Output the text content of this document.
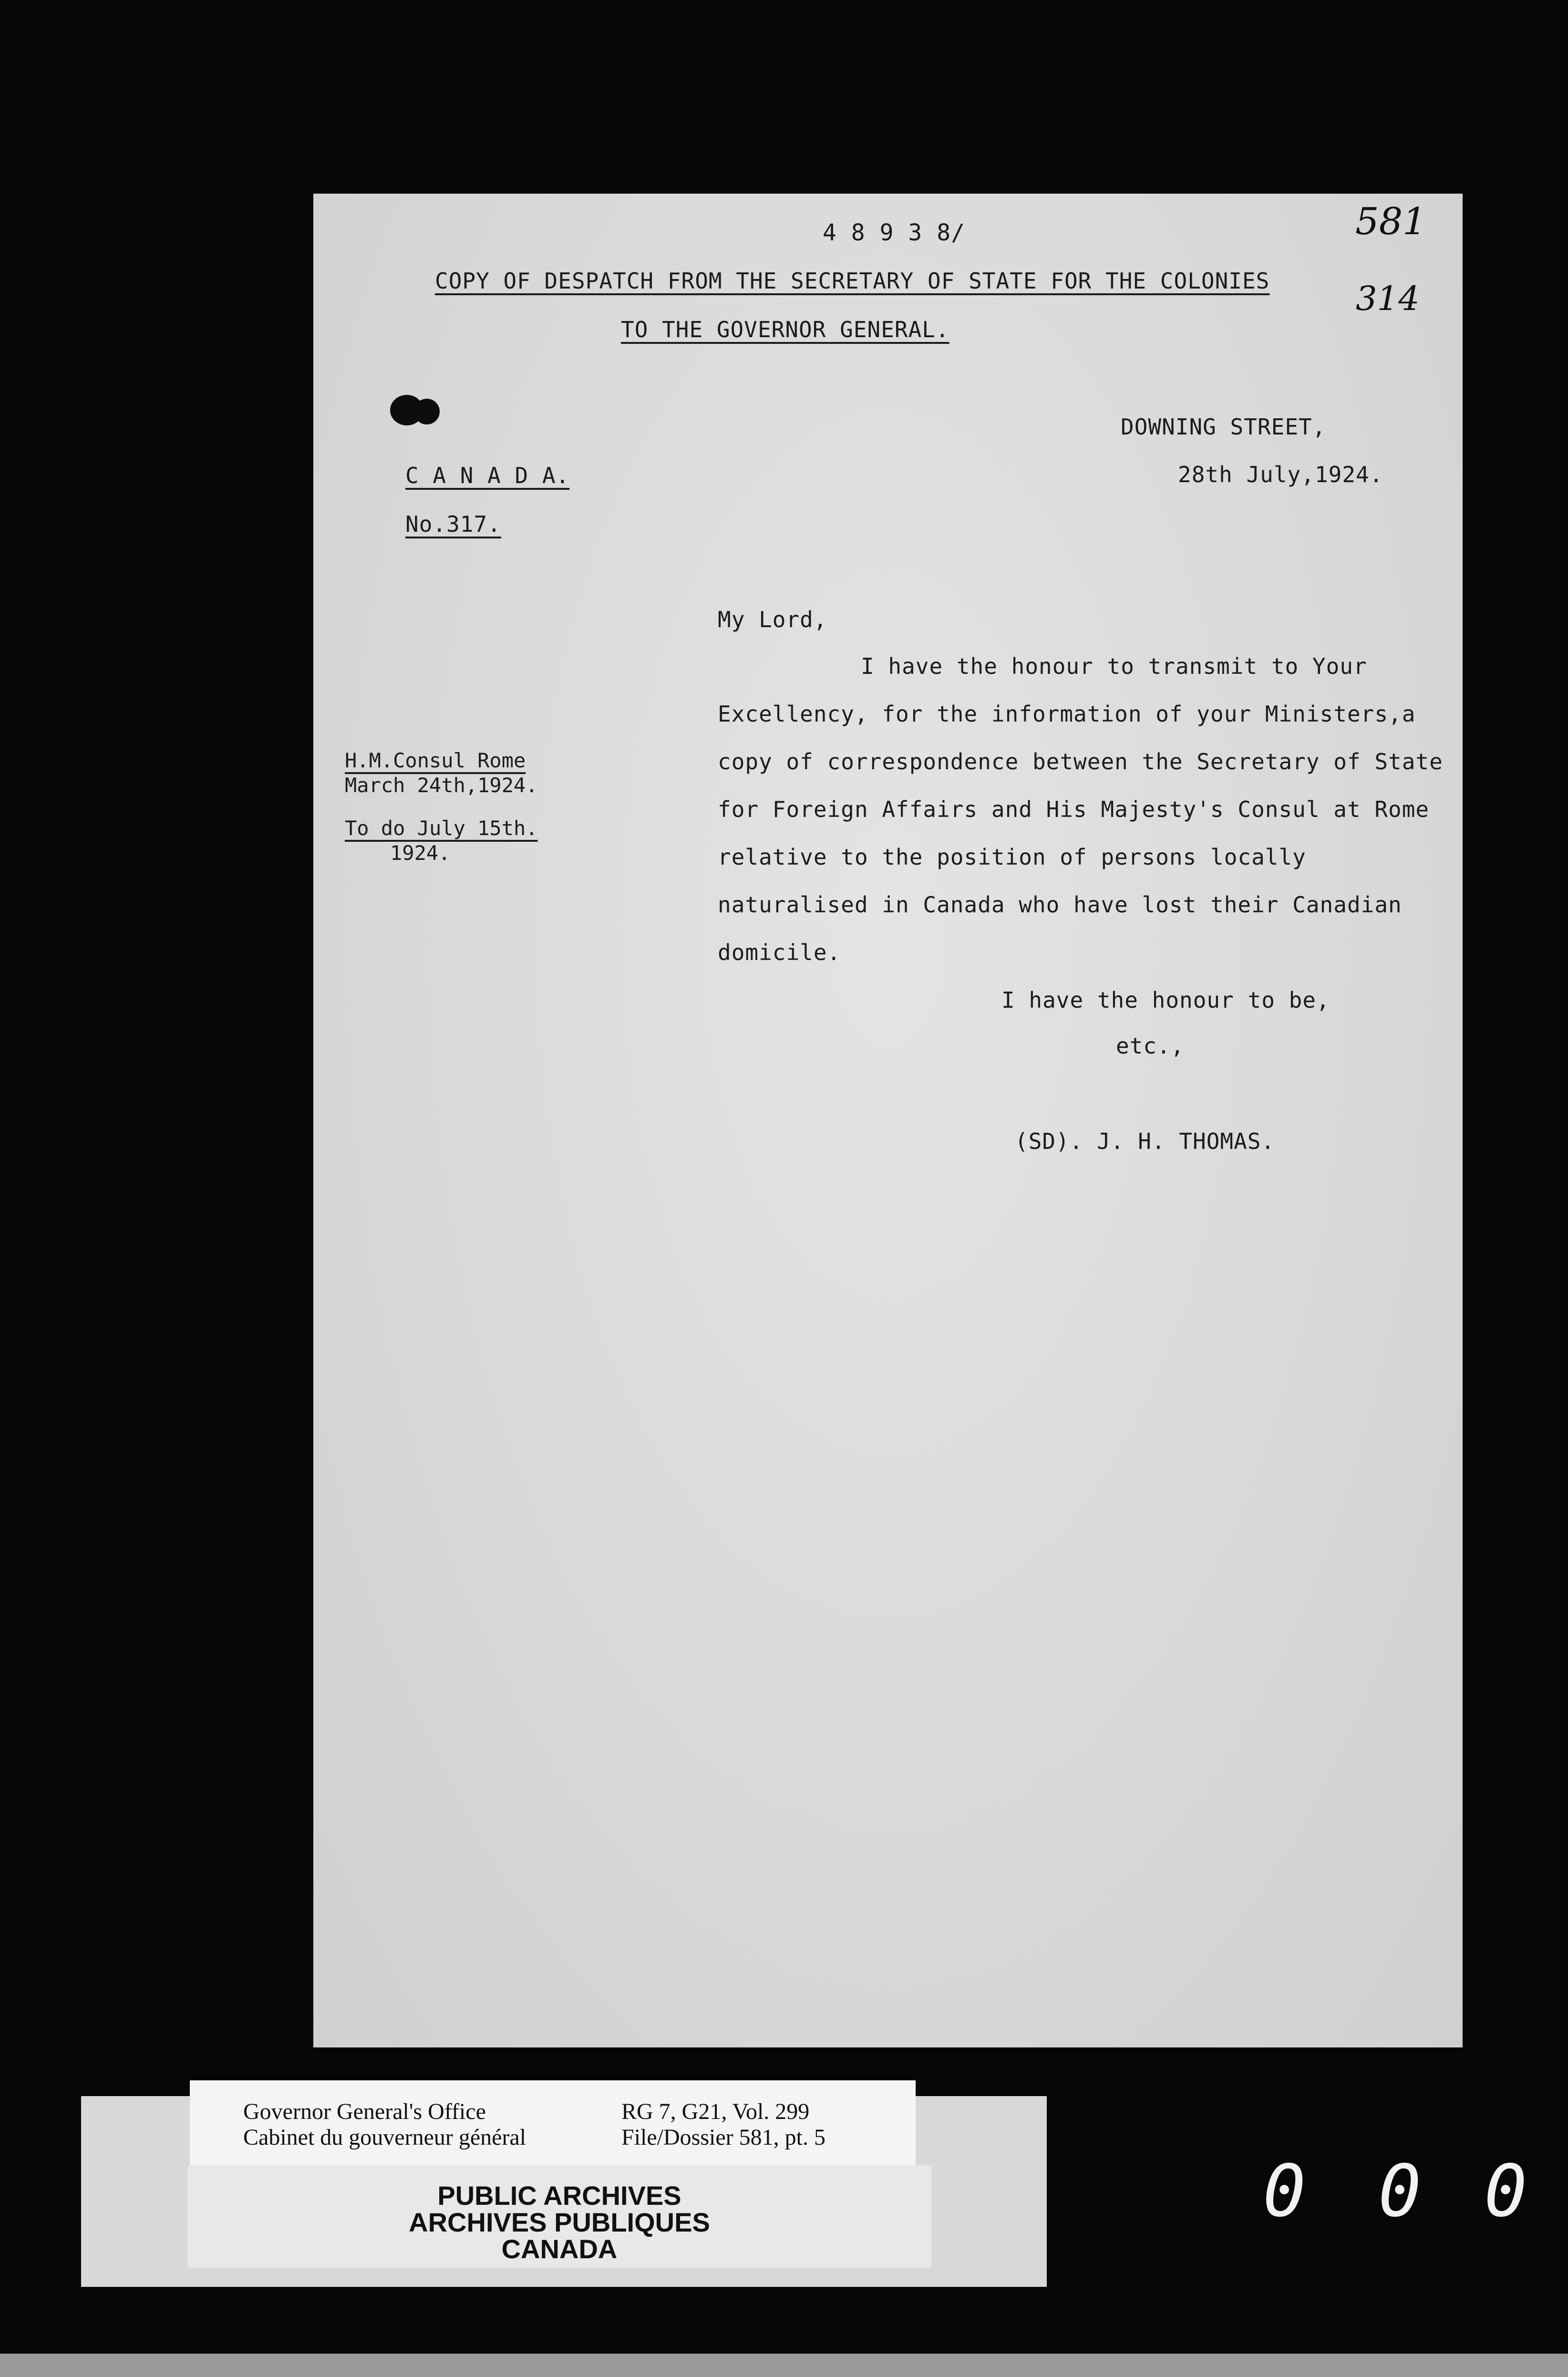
4 8 9 3 8/
COPY OF DESPATCH FROM THE SECRETARY OF STATE FOR THE COLONIES
TO THE GOVERNOR GENERAL.
581
314
DOWNING STREET,
28th July,1924.
C A N A D A.
No.317.
My Lord,
I have the honour to transmit to Your
Excellency, for the information of your Ministers,a
copy of correspondence between the Secretary of State
for Foreign Affairs and His Majesty's Consul at Rome
relative to the position of persons locally
naturalised in Canada who have lost their Canadian
domicile.
H.M.Consul Rome
March 24th,1924.
To do July 15th.
1924.
I have the honour to be,
etc.,
(SD). J. H. THOMAS.
Governor General's Office
Cabinet du gouverneur général
RG 7, G21, Vol. 299
File/Dossier 581, pt. 5
PUBLIC ARCHIVES
ARCHIVES PUBLIQUES
CANADA
0 0 0
